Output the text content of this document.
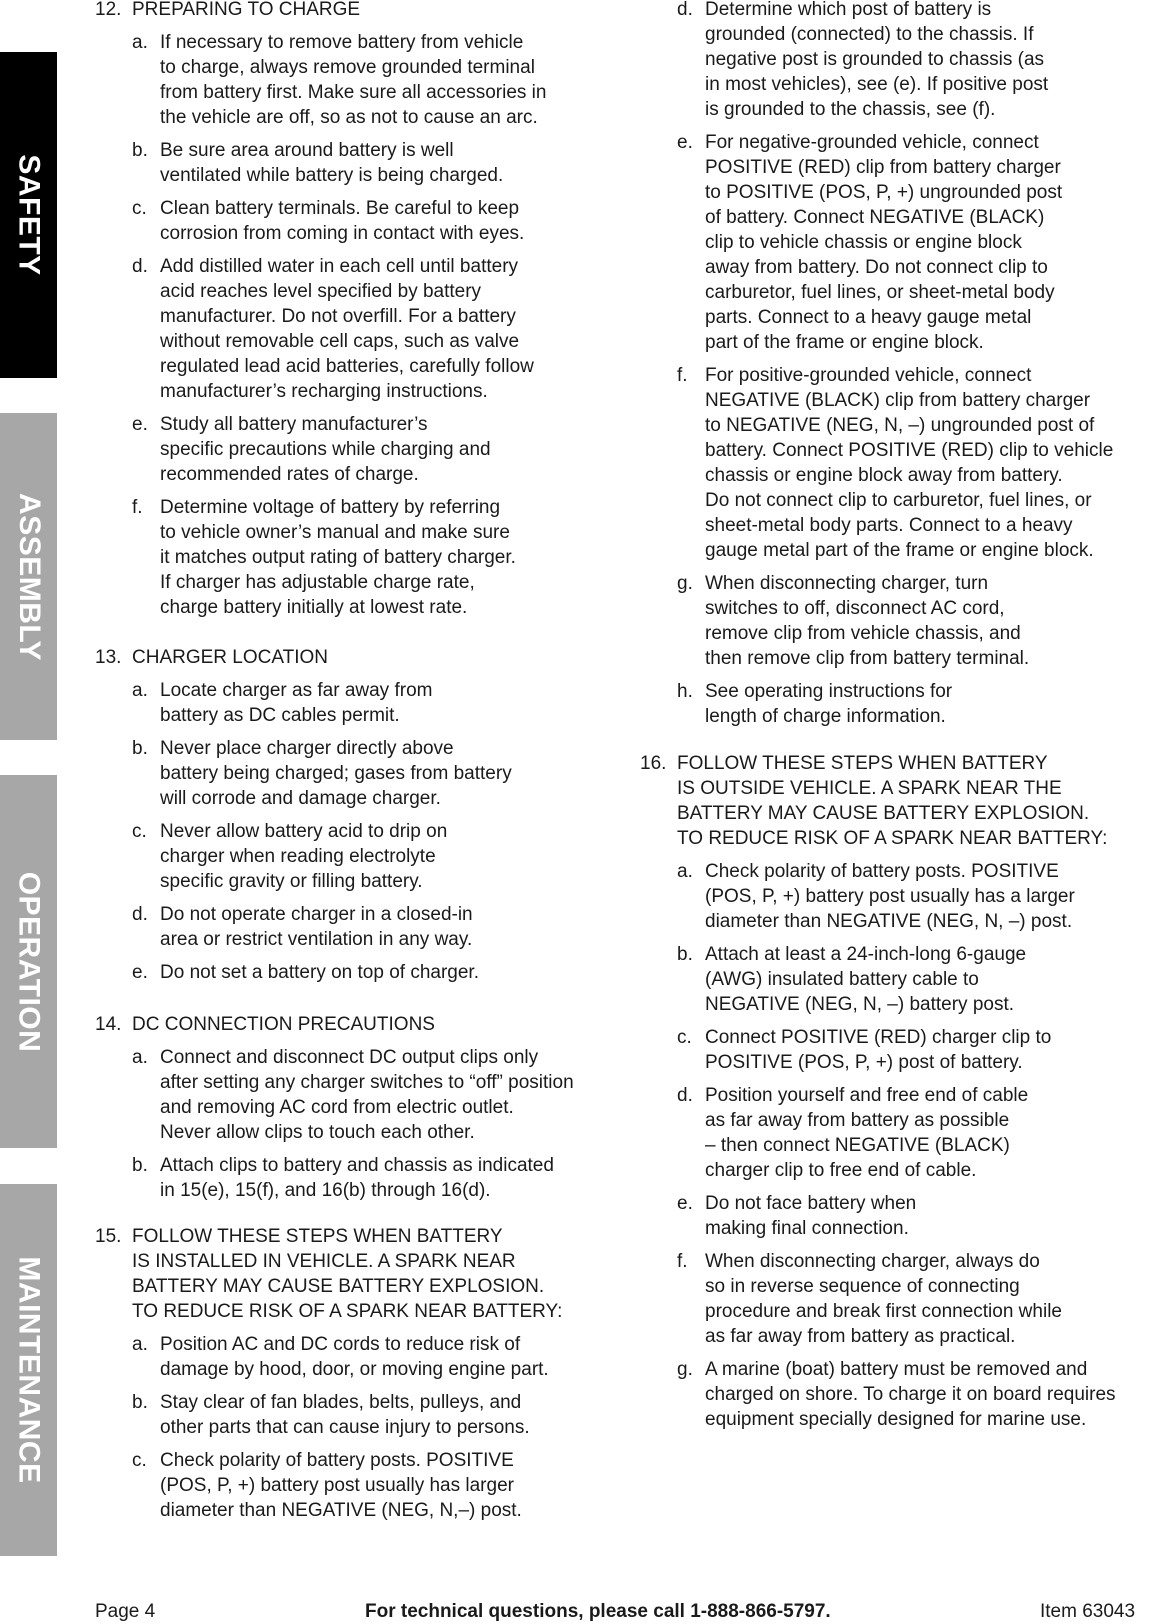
SAFETY
ASSEMBLY
OPERATION
MAINTENANCE
12. PREPARING TO CHARGE
a. If necessary to remove battery from vehicle
to charge, always remove grounded terminal
from battery first. Make sure all accessories in
the vehicle are off, so as not to cause an arc.
b. Be sure area around battery is well
ventilated while battery is being charged.
c. Clean battery terminals. Be careful to keep
corrosion from coming in contact with eyes.
d. Add distilled water in each cell until battery
acid reaches level specified by battery
manufacturer. Do not overfill. For a battery
without removable cell caps, such as valve
regulated lead acid batteries, carefully follow
manufacturer’s recharging instructions.
e. Study all battery manufacturer’s
specific precautions while charging and
recommended rates of charge.
f. Determine voltage of battery by referring
to vehicle owner’s manual and make sure
it matches output rating of battery charger.
If charger has adjustable charge rate,
charge battery initially at lowest rate.
13. CHARGER LOCATION
a. Locate charger as far away from
battery as DC cables permit.
b. Never place charger directly above
battery being charged; gases from battery
will corrode and damage charger.
c. Never allow battery acid to drip on
charger when reading electrolyte
specific gravity or filling battery.
d. Do not operate charger in a closed-in
area or restrict ventilation in any way.
e. Do not set a battery on top of charger.
14. DC CONNECTION PRECAUTIONS
a. Connect and disconnect DC output clips only
after setting any charger switches to “off” position
and removing AC cord from electric outlet.
Never allow clips to touch each other.
b. Attach clips to battery and chassis as indicated
in 15(e), 15(f), and 16(b) through 16(d).
15. FOLLOW THESE STEPS WHEN BATTERY
IS INSTALLED IN VEHICLE. A SPARK NEAR
BATTERY MAY CAUSE BATTERY EXPLOSION.
TO REDUCE RISK OF A SPARK NEAR BATTERY:
a. Position AC and DC cords to reduce risk of
damage by hood, door, or moving engine part.
b. Stay clear of fan blades, belts, pulleys, and
other parts that can cause injury to persons.
c. Check polarity of battery posts. POSITIVE
(POS, P, +) battery post usually has larger
diameter than NEGATIVE (NEG, N,–) post.
d. Determine which post of battery is
grounded (connected) to the chassis. If
negative post is grounded to chassis (as
in most vehicles), see (e). If positive post
is grounded to the chassis, see (f).
e. For negative-grounded vehicle, connect
POSITIVE (RED) clip from battery charger
to POSITIVE (POS, P, +) ungrounded post
of battery. Connect NEGATIVE (BLACK)
clip to vehicle chassis or engine block
away from battery. Do not connect clip to
carburetor, fuel lines, or sheet-metal body
parts. Connect to a heavy gauge metal
part of the frame or engine block.
f. For positive-grounded vehicle, connect
NEGATIVE (BLACK) clip from battery charger
to NEGATIVE (NEG, N, –) ungrounded post of
battery. Connect POSITIVE (RED) clip to vehicle
chassis or engine block away from battery.
Do not connect clip to carburetor, fuel lines, or
sheet-metal body parts. Connect to a heavy
gauge metal part of the frame or engine block.
g. When disconnecting charger, turn
switches to off, disconnect AC cord,
remove clip from vehicle chassis, and
then remove clip from battery terminal.
h. See operating instructions for
length of charge information.
16. FOLLOW THESE STEPS WHEN BATTERY
IS OUTSIDE VEHICLE. A SPARK NEAR THE
BATTERY MAY CAUSE BATTERY EXPLOSION.
TO REDUCE RISK OF A SPARK NEAR BATTERY:
a. Check polarity of battery posts. POSITIVE
(POS, P, +) battery post usually has a larger
diameter than NEGATIVE (NEG, N, –) post.
b. Attach at least a 24-inch-long 6-gauge
(AWG) insulated battery cable to
NEGATIVE (NEG, N, –) battery post.
c. Connect POSITIVE (RED) charger clip to
POSITIVE (POS, P, +) post of battery.
d. Position yourself and free end of cable
as far away from battery as possible
– then connect NEGATIVE (BLACK)
charger clip to free end of cable.
e. Do not face battery when
making final connection.
f. When disconnecting charger, always do
so in reverse sequence of connecting
procedure and break first connection while
as far away from battery as practical.
g. A marine (boat) battery must be removed and
charged on shore. To charge it on board requires
equipment specially designed for marine use.
Page 4	For technical questions, please call 1-888-866-5797.	Item 63043
